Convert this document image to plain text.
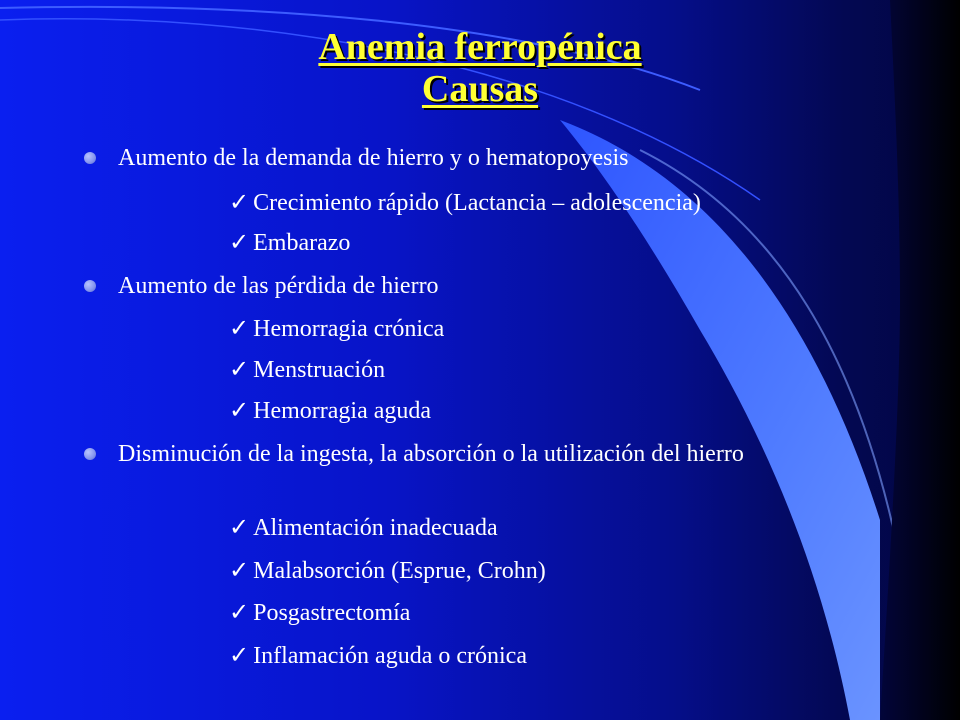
Anemia ferropénica
Causas
Aumento de la demanda de hierro y o hematopoyesis
✓ Crecimiento rápido (Lactancia – adolescencia)
✓ Embarazo
Aumento de las pérdida de hierro
✓ Hemorragia crónica
✓ Menstruación
✓ Hemorragia aguda
Disminución de la ingesta, la absorción o la utilización del hierro
✓ Alimentación inadecuada
✓ Malabsorción (Esprue, Crohn)
✓ Posgastrectomía
✓ Inflamación aguda o crónica
